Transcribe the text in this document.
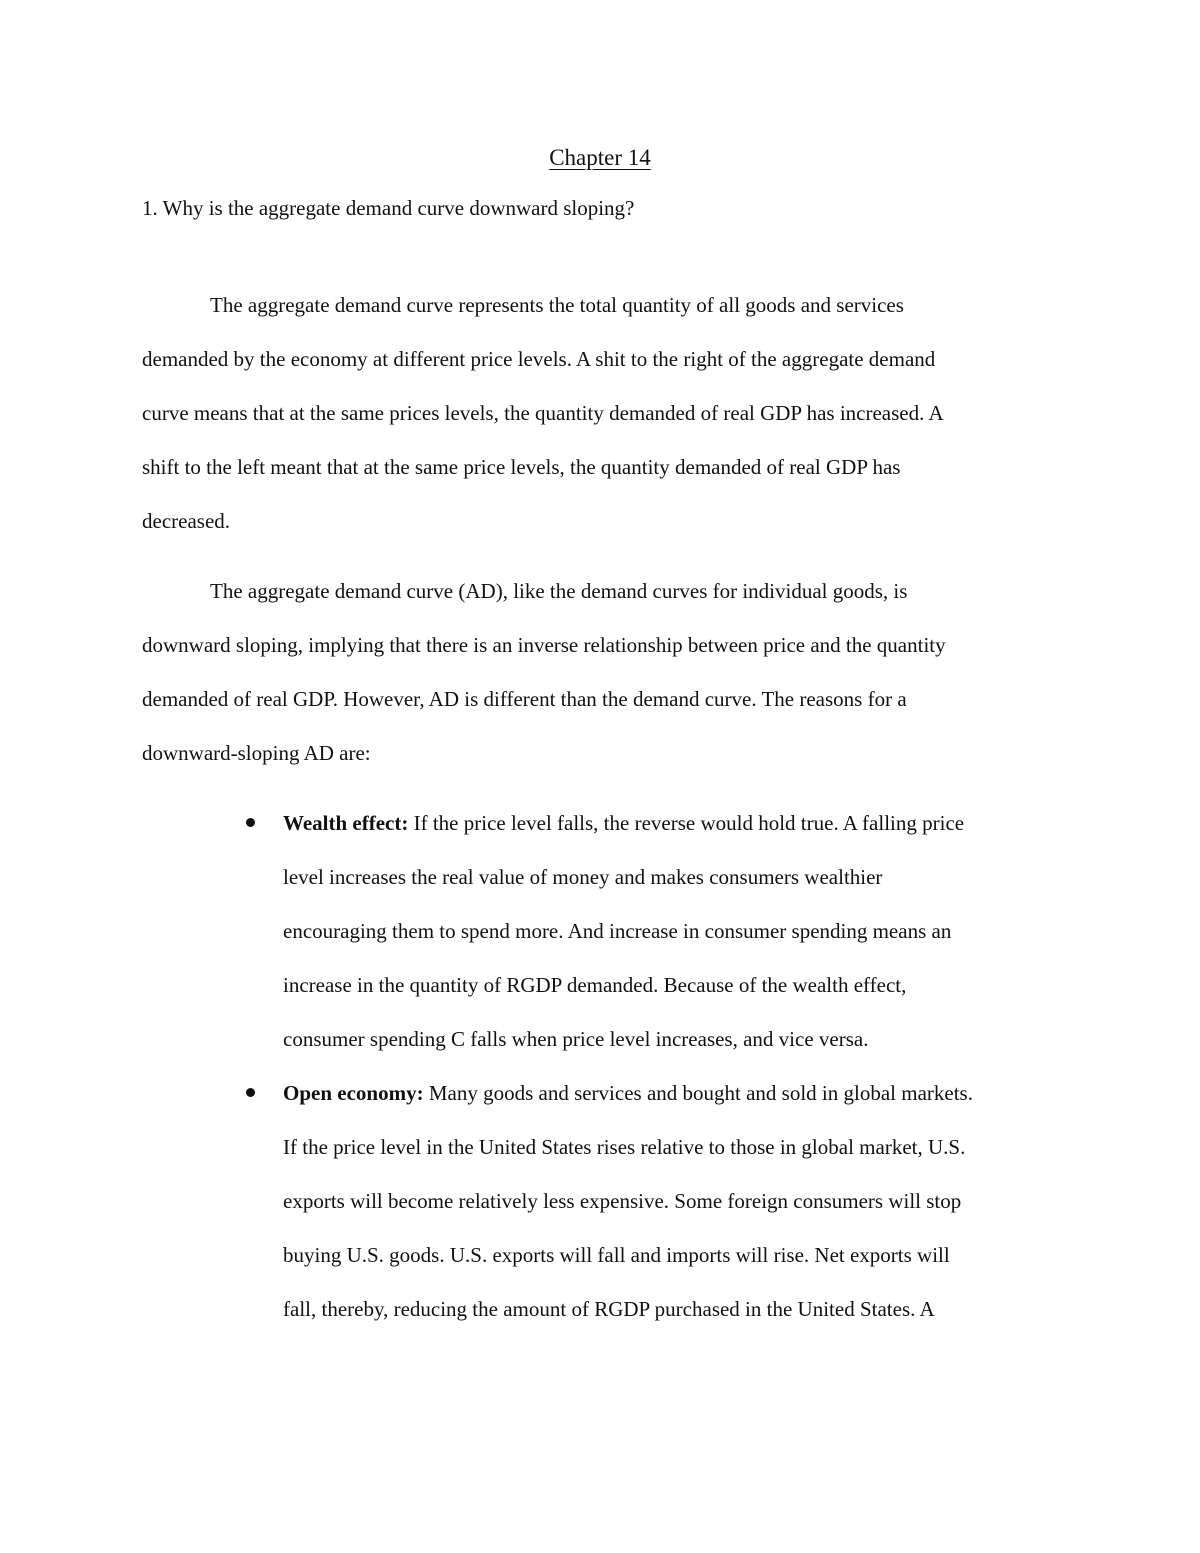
Chapter 14
1. Why is the aggregate demand curve downward sloping?
The aggregate demand curve represents the total quantity of all goods and services
demanded by the economy at different price levels. A shit to the right of the aggregate demand
curve means that at the same prices levels, the quantity demanded of real GDP has increased. A
shift to the left meant that at the same price levels, the quantity demanded of real GDP has
decreased.
The aggregate demand curve (AD), like the demand curves for individual goods, is
downward sloping, implying that there is an inverse relationship between price and the quantity
demanded of real GDP. However, AD is different than the demand curve. The reasons for a
downward-sloping AD are:
Wealth effect: If the price level falls, the reverse would hold true. A falling price
level increases the real value of money and makes consumers wealthier
encouraging them to spend more. And increase in consumer spending means an
increase in the quantity of RGDP demanded. Because of the wealth effect,
consumer spending C falls when price level increases, and vice versa.
Open economy: Many goods and services and bought and sold in global markets.
If the price level in the United States rises relative to those in global market, U.S.
exports will become relatively less expensive. Some foreign consumers will stop
buying U.S. goods. U.S. exports will fall and imports will rise. Net exports will
fall, thereby, reducing the amount of RGDP purchased in the United States. A
